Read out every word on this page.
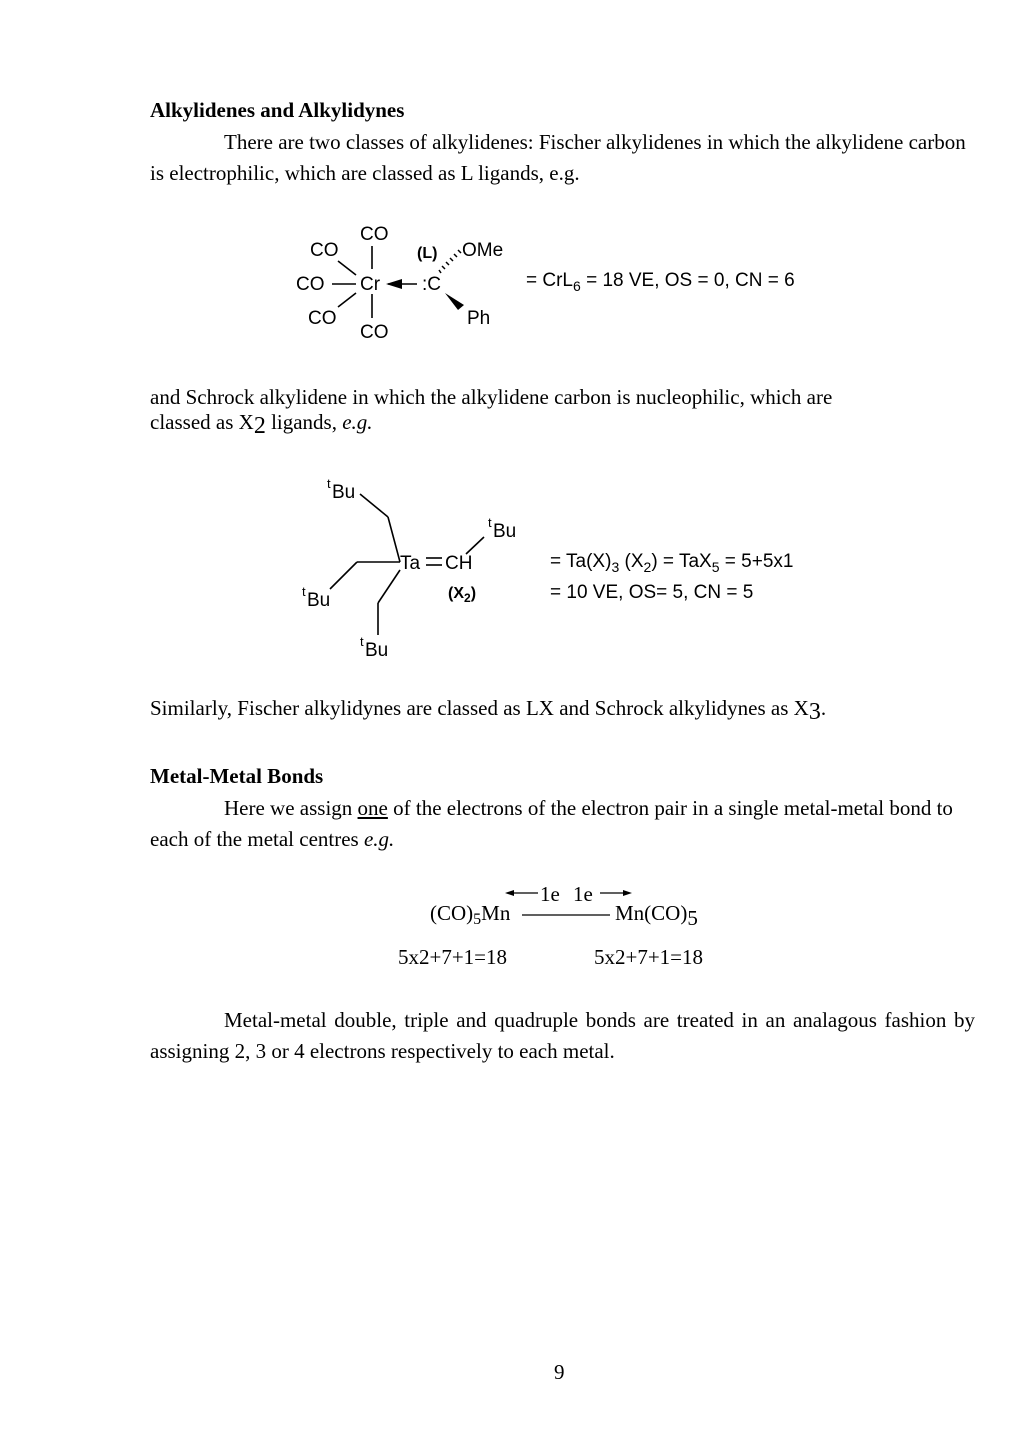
Alkylidenes and Alkylidynes
There are two classes of alkylidenes: Fischer alkylidenes in which the alkylidene carbon is electrophilic, which are classed as L ligands, e.g.
CO
CO
CO
CO
CO
Cr :C
(L) OMe
Ph
= CrL$_6$ = 18 VE, OS = 0, CN = 6
and Schrock alkylidene in which the alkylidene carbon is nucleophilic, which are
classed as X2 ligands, e.g.
t Bu
t Bu
Ta CH
t Bu
t Bu
$(X_2)$
= $Ta(X)_3$ $(X_2) = TaX_5 = 5+5x1$
= 10 VE, OS= 5, CN = 5
Similarly, Fischer alkylidynes are classed as LX and Schrock alkylidynes as X3.
Metal-Metal Bonds
Here we assign one of the electrons of the electron pair in a single metal-metal bond to each of the metal centres e.g.
1e 1e
(CO)5Mn	Mn(CO)5
5x2+7+1=18	5x2+7+1=18
Metal-metal double, triple and quadruple bonds are treated in an analagous fashion by assigning 2, 3 or 4 electrons respectively to each metal.
9
